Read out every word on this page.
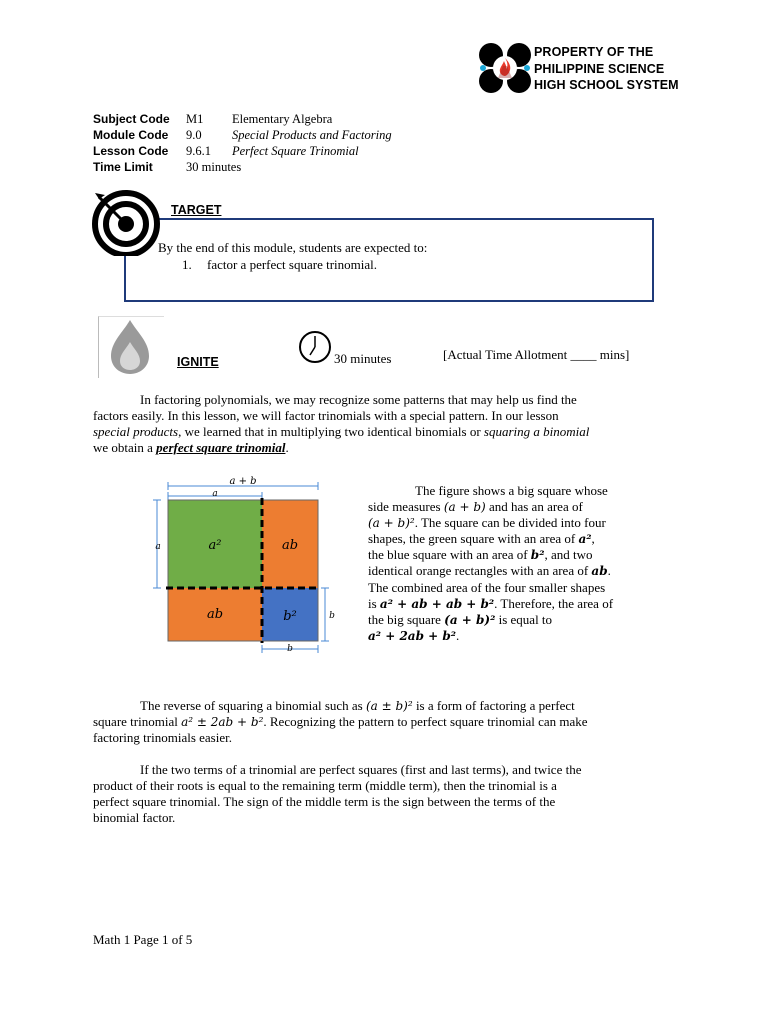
PROPERTY OF THE
PHILIPPINE SCIENCE
HIGH SCHOOL SYSTEM
Subject Code	M1	Elementary Algebra
Module Code	9.0	Special Products and Factoring
Lesson Code	9.6.1	Perfect Square Trinomial
Time Limit	30 minutes
TARGET
By the end of this module, students are expected to:
1. factor a perfect square trinomial.
IGNITE	30 minutes	[Actual Time Allotment ____ mins]
In factoring polynomials, we may recognize some patterns that may help us find the
factors easily. In this lesson, we will factor trinomials with a special pattern. In our lesson
special products, we learned that in multiplying two identical binomials or squaring a binomial
we obtain a perfect square trinomial.
a + b
a
a
b
b
a²	ab
ab	b²
The figure shows a big square whose
side measures (a + b) and has an area of
(a + b)². The square can be divided into four
shapes, the green square with an area of a²,
the blue square with an area of b², and two
identical orange rectangles with an area of ab.
The combined area of the four smaller shapes
is a² + ab + ab + b². Therefore, the area of
the big square (a + b)² is equal to
a² + 2ab + b².
The reverse of squaring a binomial such as (a ± b)² is a form of factoring a perfect
square trinomial a² ± 2ab + b². Recognizing the pattern to perfect square trinomial can make
factoring trinomials easier.
If the two terms of a trinomial are perfect squares (first and last terms), and twice the
product of their roots is equal to the remaining term (middle term), then the trinomial is a
perfect square trinomial. The sign of the middle term is the sign between the terms of the
binomial factor.
Math 1 Page 1 of 5
